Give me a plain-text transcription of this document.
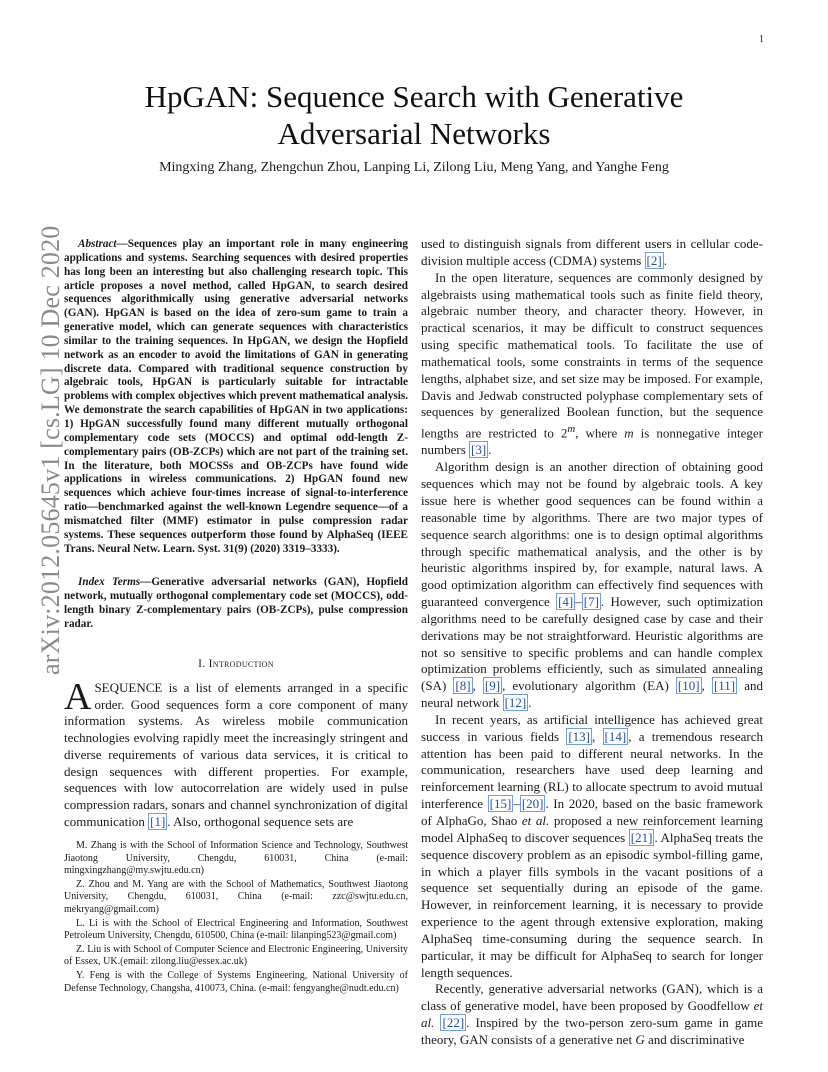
1
arXiv:2012.05645v1 [cs.LG] 10 Dec 2020
HpGAN: Sequence Search with Generative Adversarial Networks
Mingxing Zhang, Zhengchun Zhou, Lanping Li, Zilong Liu, Meng Yang, and Yanghe Feng
Abstract—Sequences play an important role in many engineering applications and systems. Searching sequences with desired properties has long been an interesting but also challenging research topic. This article proposes a novel method, called HpGAN, to search desired sequences algorithmically using generative adversarial networks (GAN). HpGAN is based on the idea of zero-sum game to train a generative model, which can generate sequences with characteristics similar to the training sequences. In HpGAN, we design the Hopfield network as an encoder to avoid the limitations of GAN in generating discrete data. Compared with traditional sequence construction by algebraic tools, HpGAN is particularly suitable for intractable problems with complex objectives which prevent mathematical analysis. We demonstrate the search capabilities of HpGAN in two applications: 1) HpGAN successfully found many different mutually orthogonal complementary code sets (MOCCS) and optimal odd-length Z-complementary pairs (OB-ZCPs) which are not part of the training set. In the literature, both MOCSSs and OB-ZCPs have found wide applications in wireless communications. 2) HpGAN found new sequences which achieve four-times increase of signal-to-interference ratio—benchmarked against the well-known Legendre sequence—of a mismatched filter (MMF) estimator in pulse compression radar systems. These sequences outperform those found by AlphaSeq (IEEE Trans. Neural Netw. Learn. Syst. 31(9) (2020) 3319–3333).
Index Terms—Generative adversarial networks (GAN), Hopfield network, mutually orthogonal complementary code set (MOCCS), odd-length binary Z-complementary pairs (OB-ZCPs), pulse compression radar.
I. Introduction
ASEQUENCE is a list of elements arranged in a specific order. Good sequences form a core component of many information systems. As wireless mobile communication technologies evolving rapidly meet the increasingly stringent and diverse requirements of various data services, it is critical to design sequences with different properties. For example, sequences with low autocorrelation are widely used in pulse compression radars, sonars and channel synchronization of digital communication [1] . Also, orthogonal sequence sets are

M. Zhang is with the School of Information Science and Technology, Southwest Jiaotong University, Chengdu, 610031, China (e-mail: mingxingzhang@my.swjtu.edu.cn)

Z. Zhou and M. Yang are with the School of Mathematics, Southwest Jiaotong University, Chengdu, 610031, China (e-mail: zzc@swjtu.edu.cn, mekryang@gmail.com)

L. Li is with the School of Electrical Engineering and Information, Southwest Petroleum University, Chengdu, 610500, China (e-mail: lilanping523@gmail.com)

Z. Liu is with School of Computer Science and Electronic Engineering, University of Essex, UK.(email: zilong.liu@essex.ac.uk)

Y. Feng is with the College of Systems Engineering, National University of Defense Technology, Changsha, 410073, China. (e-mail: fengyanghe@nudt.edu.cn)

used to distinguish signals from different users in cellular code-division multiple access (CDMA) systems [2] .

In the open literature, sequences are commonly designed by algebraists using mathematical tools such as finite field theory, algebraic number theory, and character theory. However, in practical scenarios, it may be difficult to construct sequences using specific mathematical tools. To facilitate the use of mathematical tools, some constraints in terms of the sequence lengths, alphabet size, and set size may be imposed. For example, Davis and Jedwab constructed polyphase complementary sets of sequences by generalized Boolean function, but the sequence lengths are restricted to 2$^m$, where m is nonnegative integer numbers [3] .

Algorithm design is an another direction of obtaining good sequences which may not be found by algebraic tools. A key issue here is whether good sequences can be found within a reasonable time by algorithms. There are two major types of sequence search algorithms: one is to design optimal algorithms through specific mathematical analysis, and the other is by heuristic algorithms inspired by, for example, natural laws. A good optimization algorithm can effectively find sequences with guaranteed convergence [4] – [7] . However, such optimization algorithms need to be carefully designed case by case and their derivations may be not straightforward. Heuristic algorithms are not so sensitive to specific problems and can handle complex optimization problems efficiently, such as simulated annealing (SA) [8] , [9] , evolutionary algorithm (EA) [10] , [11] and neural network [12] .

In recent years, as artificial intelligence has achieved great success in various fields [13] , [14] , a tremendous research attention has been paid to different neural networks. In the communication, researchers have used deep learning and reinforcement learning (RL) to allocate spectrum to avoid mutual interference [15] – [20] . In 2020, based on the basic framework of AlphaGo, Shao et al. proposed a new reinforcement learning model AlphaSeq to discover sequences [21] . AlphaSeq treats the sequence discovery problem as an episodic symbol-filling game, in which a player fills symbols in the vacant positions of a sequence set sequentially during an episode of the game. However, in reinforcement learning, it is necessary to provide experience to the agent through extensive exploration, making AlphaSeq time-consuming during the sequence search. In particular, it may be difficult for AlphaSeq to search for longer length sequences.

Recently, generative adversarial networks (GAN), which is a class of generative model, have been proposed by Goodfellow et al. [22] . Inspired by the two-person zero-sum game in game theory, GAN consists of a generative net G and discriminative
